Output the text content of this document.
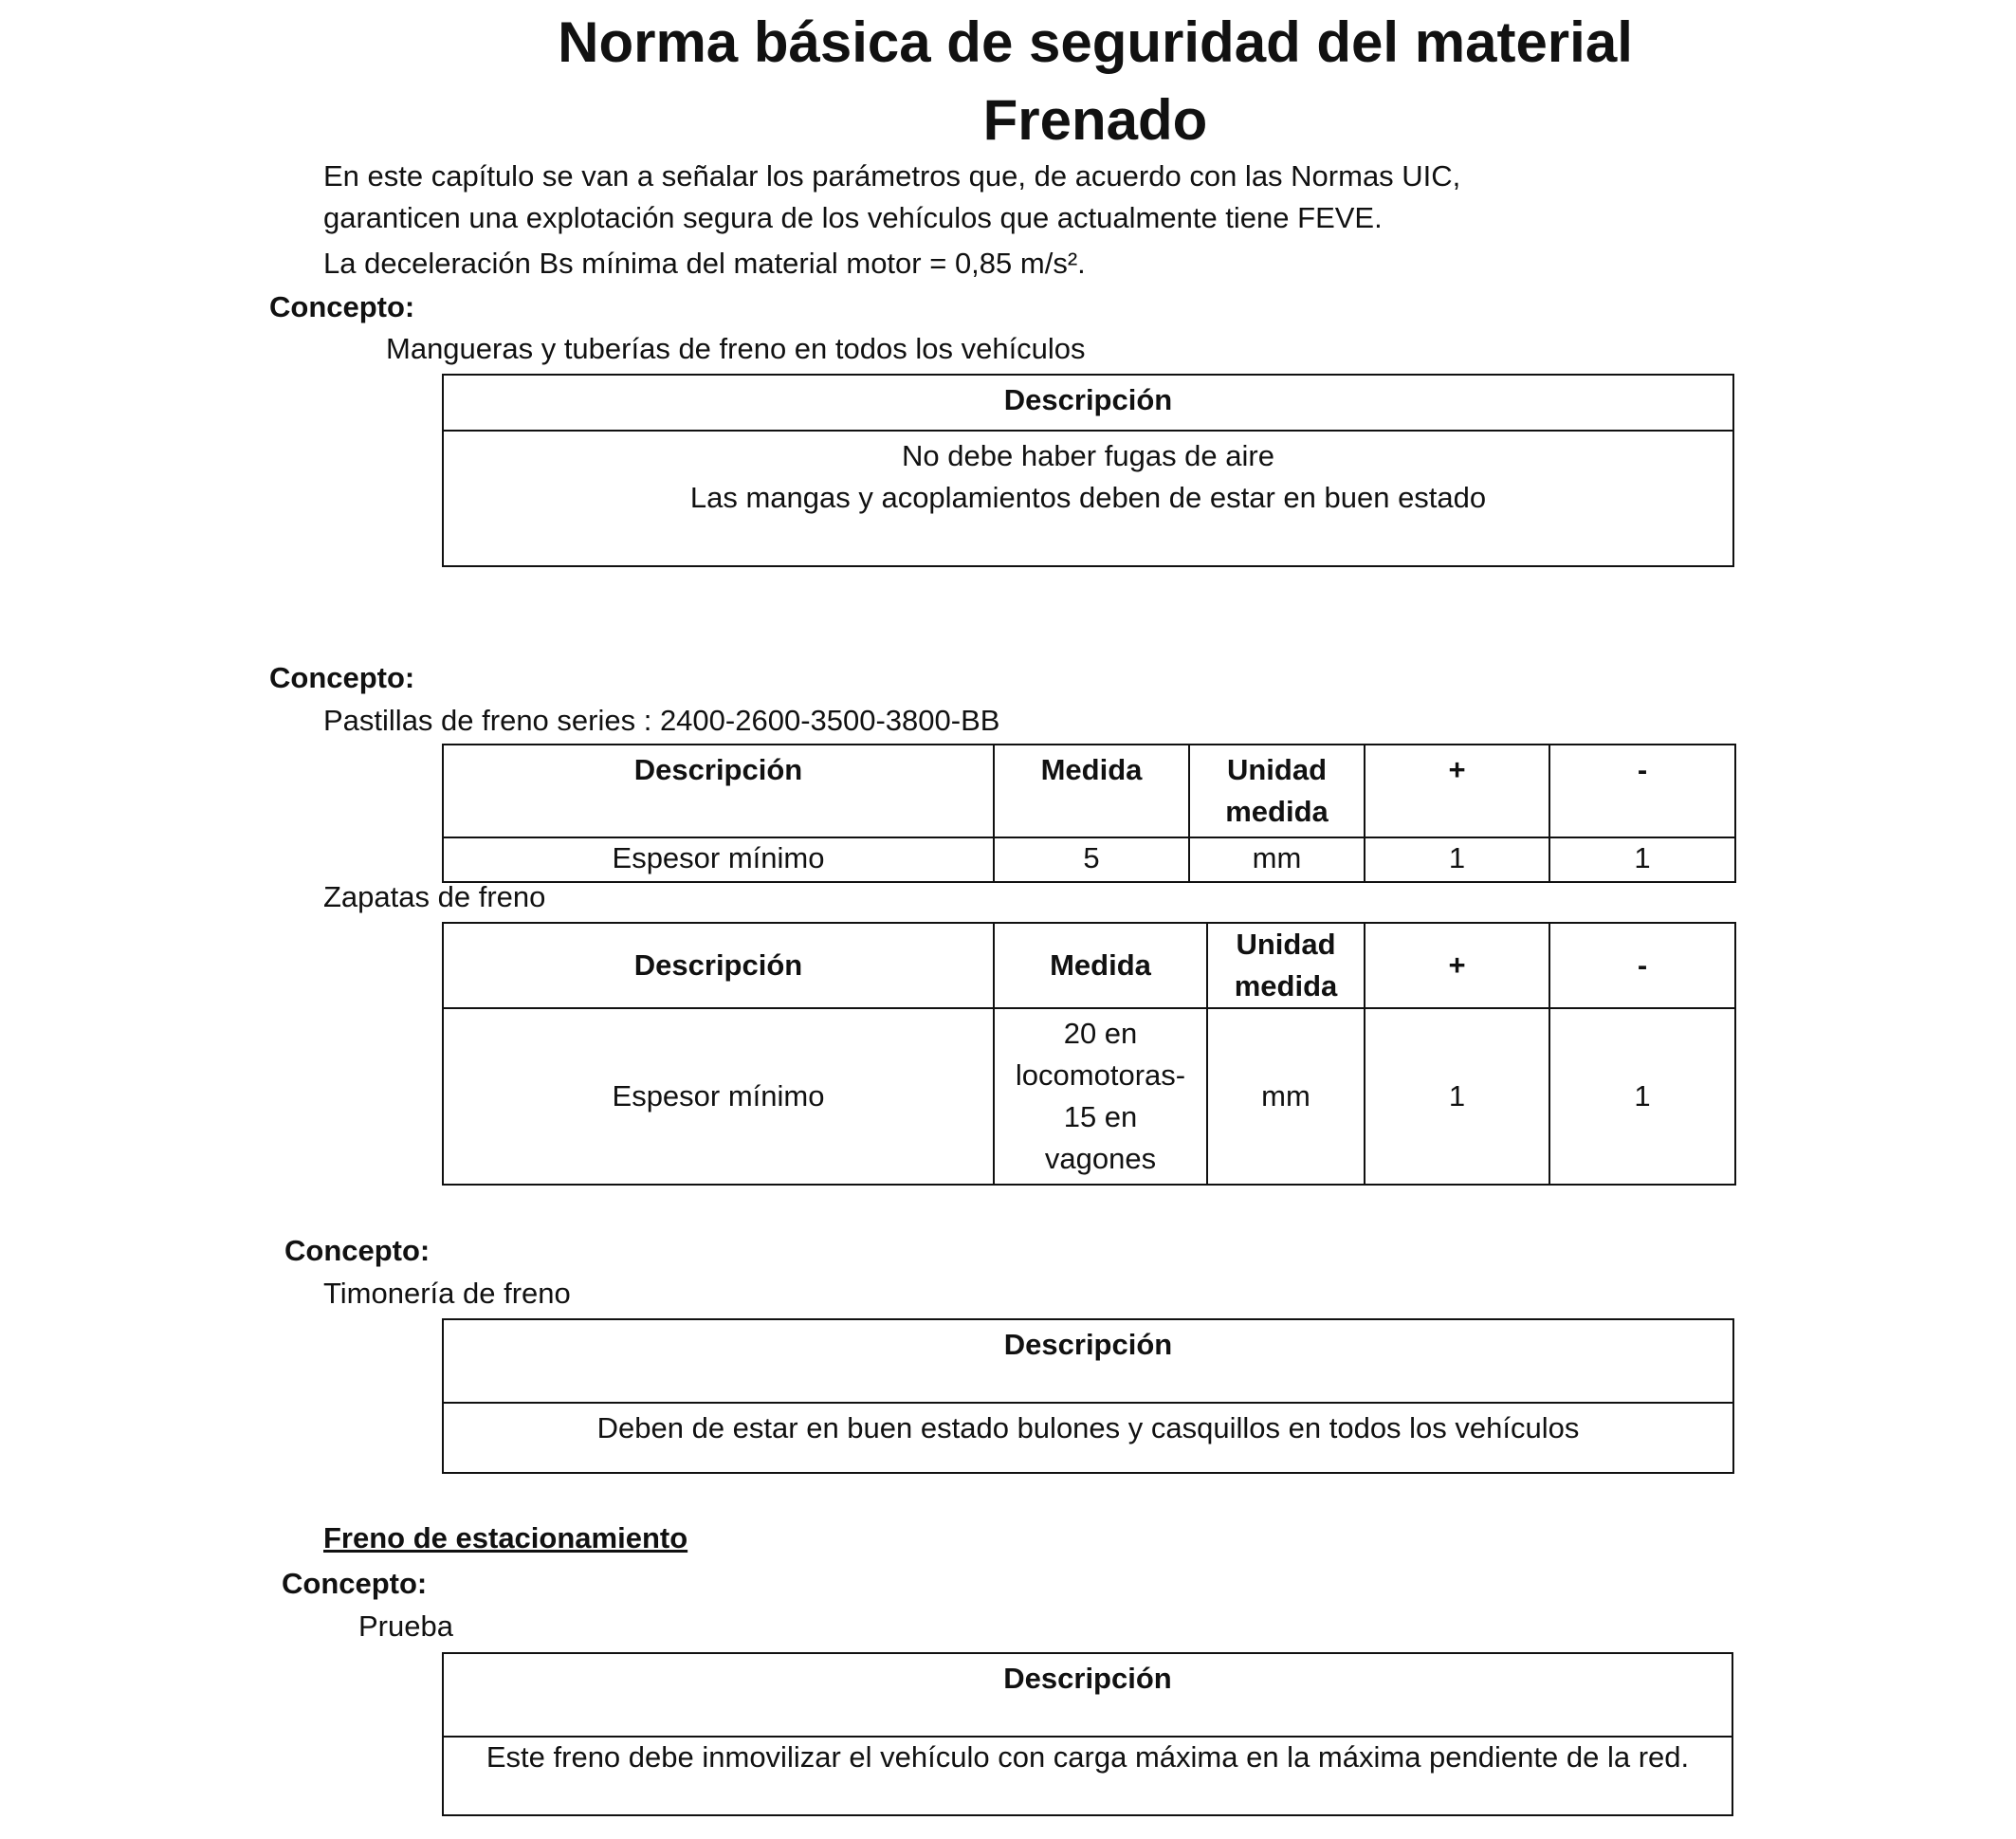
Norma básica de seguridad del material
Frenado
En este capítulo se van a señalar los parámetros que, de acuerdo con las Normas UIC,
garanticen una explotación segura de los vehículos que actualmente tiene FEVE.
La deceleración Bs mínima del material motor = 0,85 m/s².
Concepto:
Mangueras y tuberías de freno en todos los vehículos
Descripción

No debe haber fugas de aire
Las mangas y acoplamientos deben de estar en buen estado
Concepto:
Pastillas de freno series : 2400-2600-3500-3800-BB
Descripción	Medida	Unidad medida	+	-
Espesor mínimo	5	mm	1	1
Zapatas de freno
Descripción	Medida	Unidad medida	+	-
Espesor mínimo	20 en locomotoras- 15 en vagones	mm	1	1
Concepto:
Timonería de freno
Descripción
Deben de estar en buen estado bulones y casquillos en todos los vehículos
Freno de estacionamiento
Concepto:
Prueba
Descripción
Este freno debe inmovilizar el vehículo con carga máxima en la máxima pendiente de la red.
